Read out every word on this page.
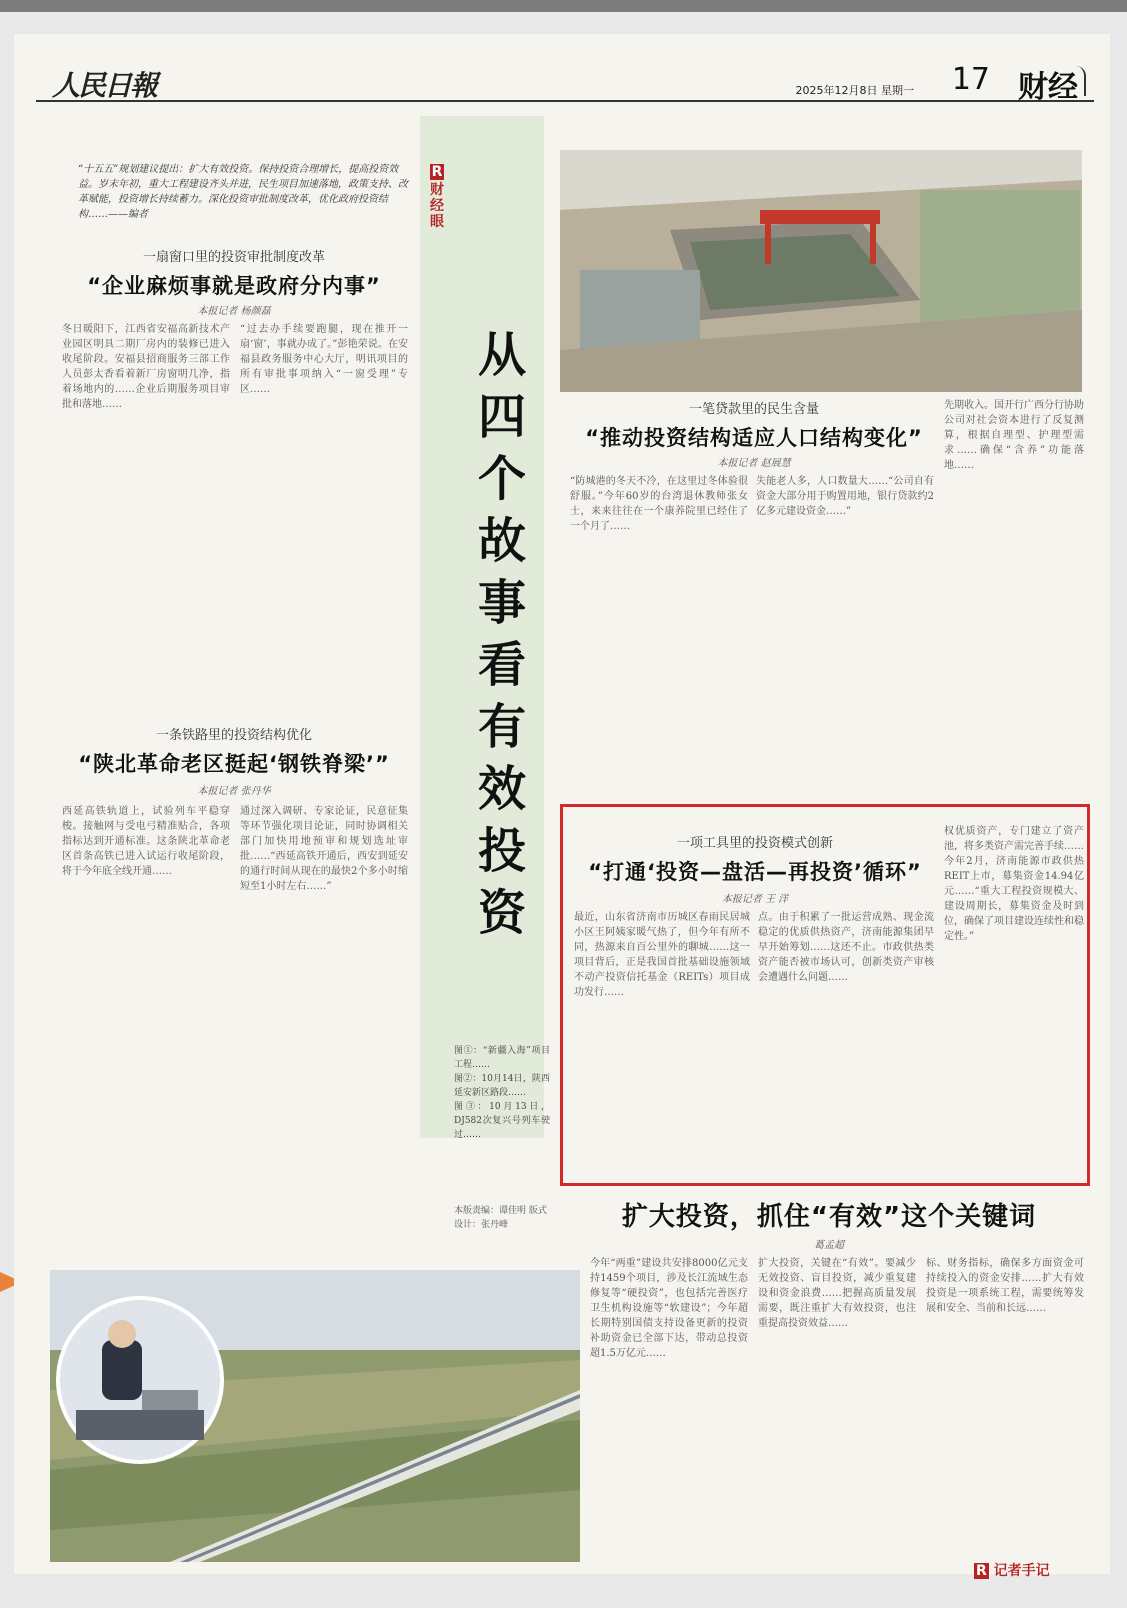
人民日報	2025年12月8日 星期一 17 财经
R
财经眼
从四个故事看有效投资
“十五五”规划建议提出：扩大有效投资。保持投资合理增长，提高投资效益。岁末年初，重大工程建设齐头并进，民生项目加速落地，政策支持、改革赋能，投资增长持续蓄力。深化投资审批制度改革，优化政府投资结构……——编者
一扇窗口里的投资审批制度改革
“企业麻烦事就是政府分内事”
本报记者 杨颜磊
冬日暖阳下，江西省安福高新技术产业园区明具二期厂房内的装修已进入收尾阶段。安福县招商服务三部工作人员彭太香看着新厂房窗明几净，指着场地内的……企业后期服务项目审批和落地……
“过去办手续要跑腿，现在推开一扇‘窗’，事就办成了。”彭艳荣说。在安福县政务服务中心大厅，明讯项目的所有审批事项纳入“一窗受理”专区……
一条铁路里的投资结构优化
“陕北革命老区挺起‘钢铁脊梁’”
本报记者 张丹华
西延高铁轨道上，试验列车平稳穿梭。接触网与受电弓精准贴合，各项指标达到开通标准。这条陕北革命老区首条高铁已进入试运行收尾阶段，将于今年底全线开通……
通过深入调研、专家论证，民意征集等环节强化项目论证，同时协调相关部门加快用地预审和规划选址审批……“西延高铁开通后，西安到延安的通行时间从现在的最快2个多小时缩短至1小时左右……”
一笔贷款里的民生含量
“推动投资结构适应人口结构变化”
本报记者 赵展慧
“防城港的冬天不冷，在这里过冬体验很舒服。”今年60岁的台湾退休教师张女士，来来往往在一个康养院里已经住了一个月了……
失能老人多，人口数量大……“公司自有资金大部分用于购置用地，银行贷款约2亿多元建设资金……”
先期收入。国开行广西分行协助公司对社会资本进行了反复测算，根据自理型、护理型需求……确保“含养”功能落地……
一项工具里的投资模式创新
“打通‘投资—盘活—再投资’循环”
本报记者 王 洋
最近，山东省济南市历城区春雨民居城小区王阿姨家暖气热了，但今年有所不同，热源来自百公里外的聊城……这一项目背后，正是我国首批基础设施领域不动产投资信托基金（REITs）项目成功发行……
点。由于积累了一批运营成熟、现金流稳定的优质供热资产，济南能源集团早早开始筹划……这还不止。市政供热类资产能否被市场认可，创新类资产审核会遭遇什么问题……
权优质资产，专门建立了资产池，将多类资产需完善手续……今年2月，济南能源市政供热REIT上市，募集资金14.94亿元……“重大工程投资规模大、建设周期长，募集资金及时到位，确保了项目建设连续性和稳定性。”
图①：“新疆入海”项目工程……
图②：10月14日，陕西延安新区路段……
图③：10月13日，DJ582次复兴号列车驶过……
本版责编：谭佳明 版式设计：张丹峰	扩大投资，抓住“有效”这个关键词
葛孟超
今年“两重”建设共安排8000亿元支持1459个项目，涉及长江流域生态修复等“硬投资”，也包括完善医疗卫生机构设施等“软建设”；今年超长期特别国债支持设备更新的投资补助资金已全部下达，带动总投资超1.5万亿元……
扩大投资，关键在“有效”。要减少无效投资、盲目投资，减少重复建设和资金浪费……把握高质量发展需要，既注重扩大有效投资，也注重提高投资效益……
标、财务指标，确保多方面资金可持续投入的资金安排……扩大有效投资是一项系统工程，需要统筹发展和安全、当前和长远……
R 记者手记
